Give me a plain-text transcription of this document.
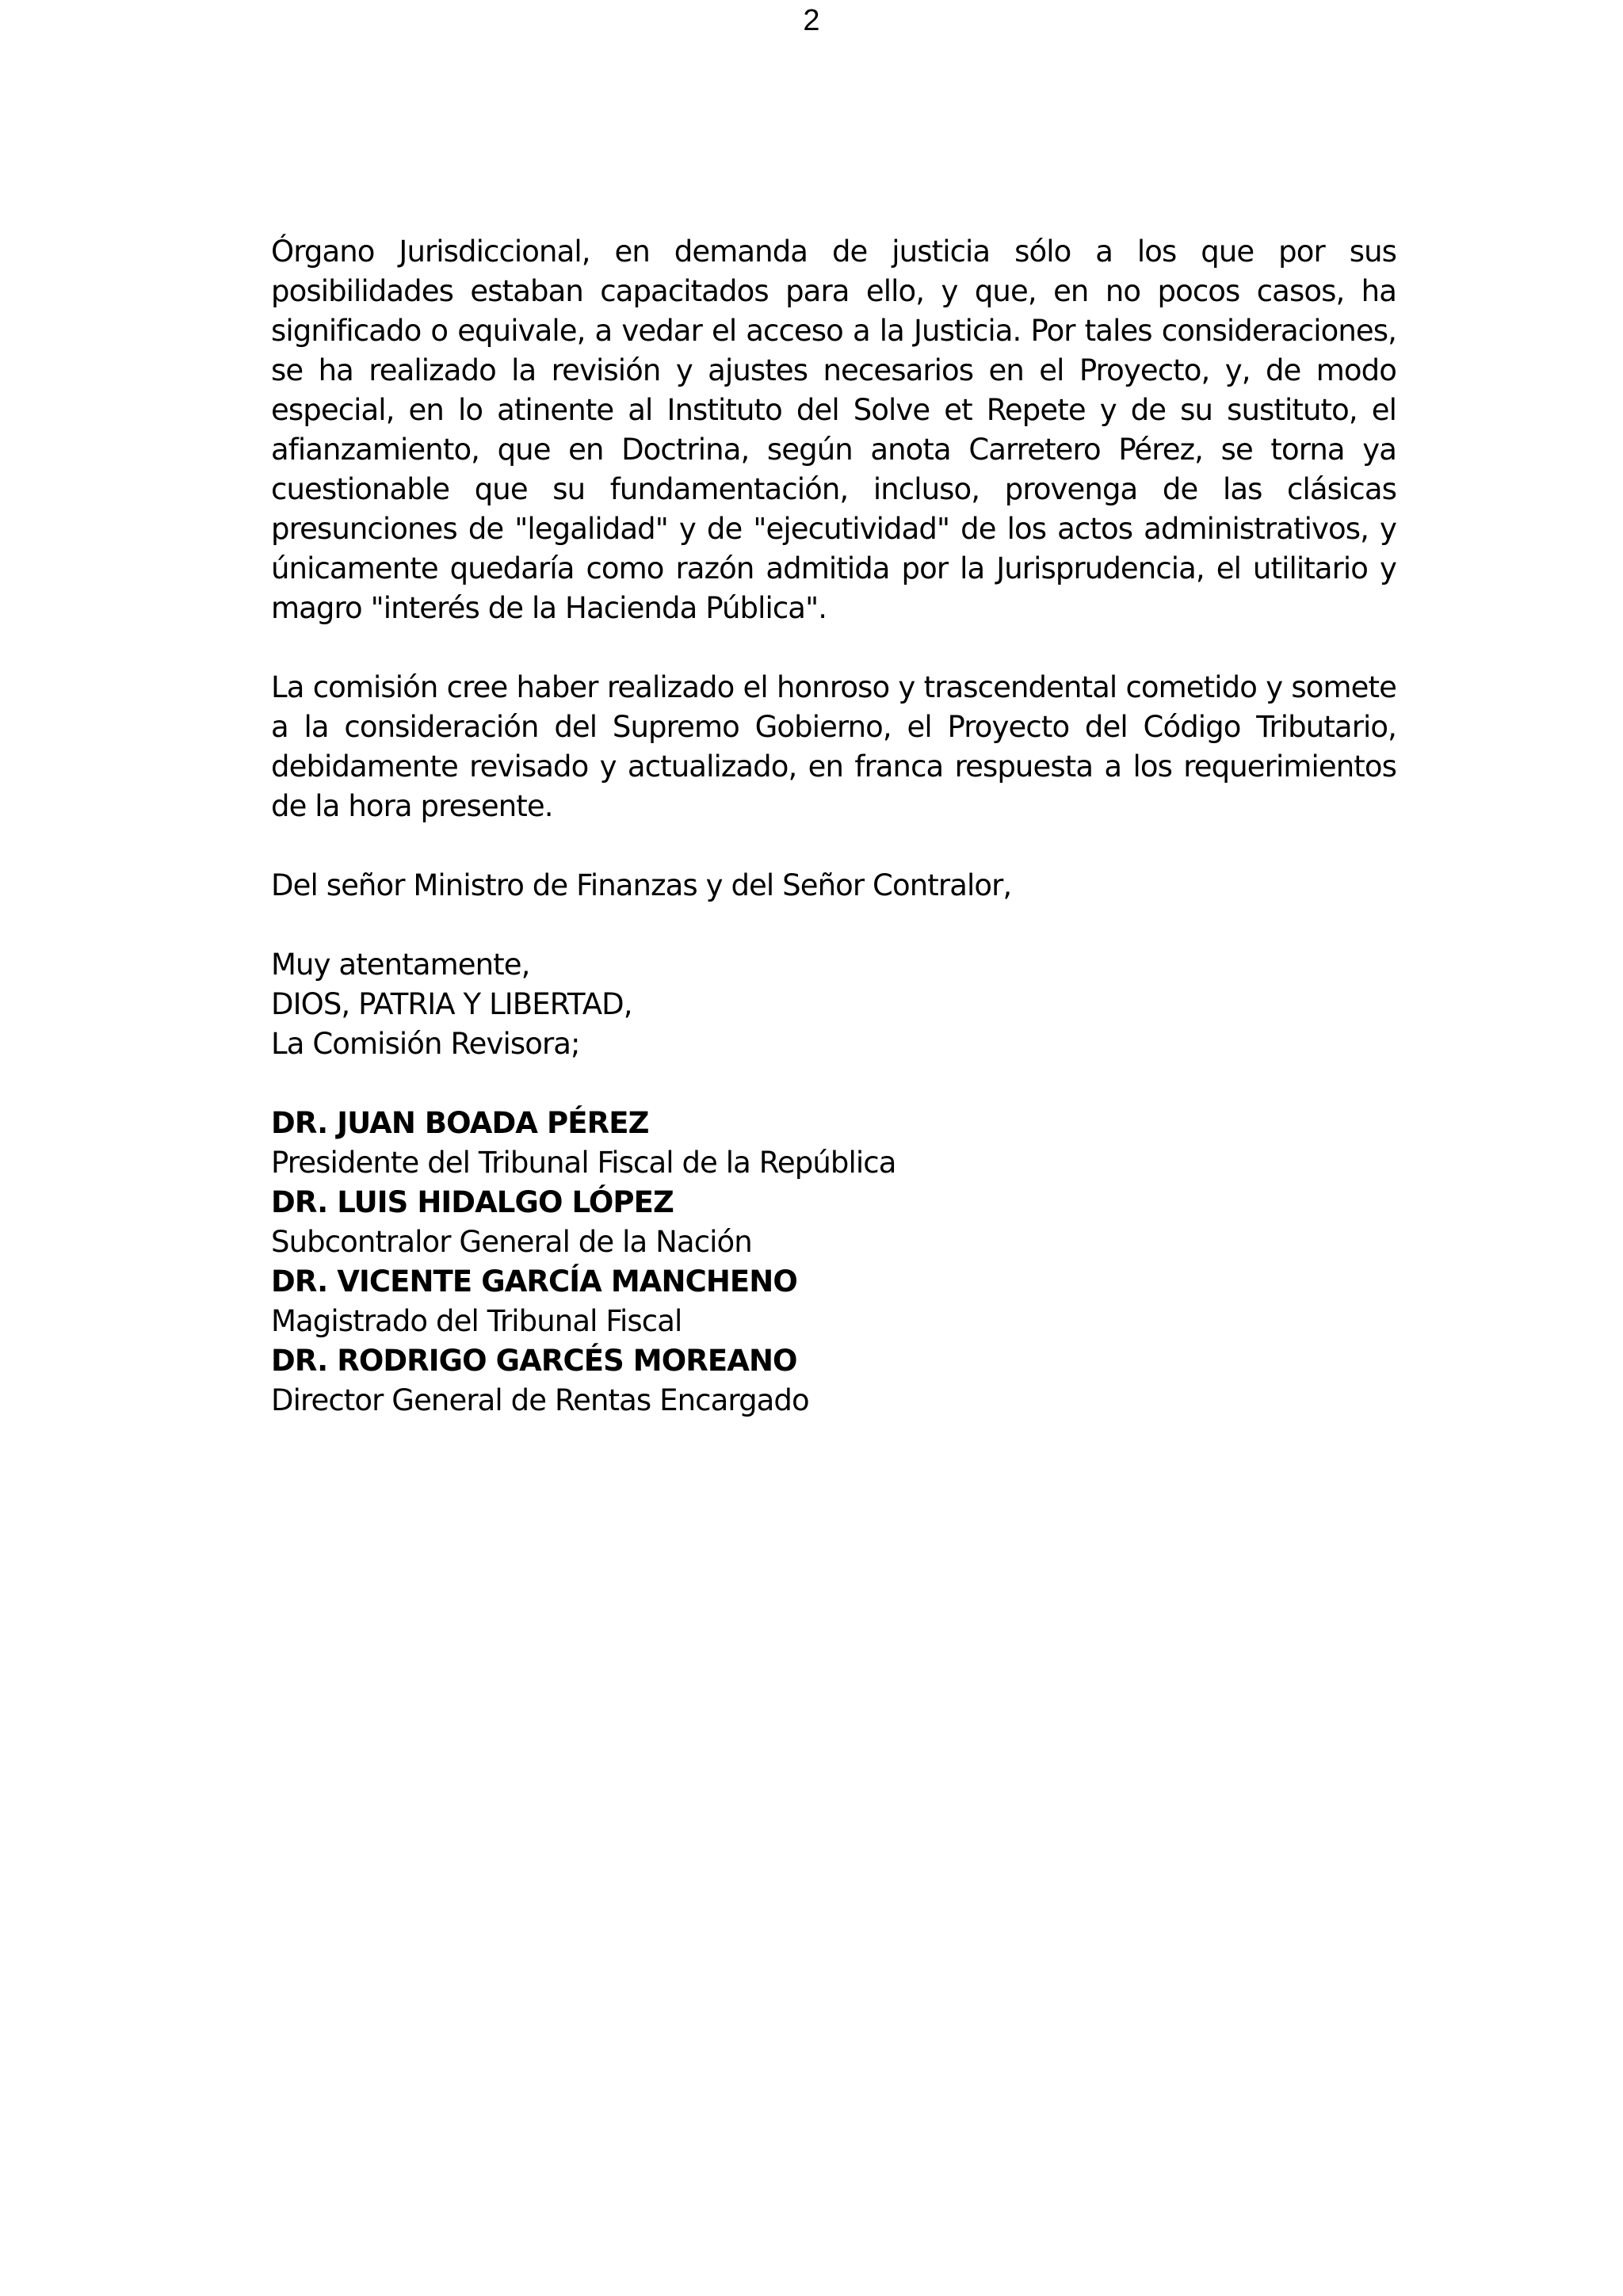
2

Órgano Jurisdiccional, en demanda de justicia sólo a los que por sus posibilidades estaban capacitados para ello, y que, en no pocos casos, ha significado o equivale, a vedar el acceso a la Justicia. Por tales consideraciones, se ha realizado la revisión y ajustes necesarios en el Proyecto, y, de modo especial, en lo atinente al Instituto del Solve et Repete y de su sustituto, el afianzamiento, que en Doctrina, según anota Carretero Pérez, se torna ya cuestionable que su fundamentación, incluso, provenga de las clásicas presunciones de "legalidad" y de "ejecutividad" de los actos administrativos, y únicamente quedaría como razón admitida por la Jurisprudencia, el utilitario y magro "interés de la Hacienda Pública".

La comisión cree haber realizado el honroso y trascendental cometido y somete a la consideración del Supremo Gobierno, el Proyecto del Código Tributario, debidamente revisado y actualizado, en franca respuesta a los requerimientos de la hora presente.

Del señor Ministro de Finanzas y del Señor Contralor,

Muy atentamente,
DIOS, PATRIA Y LIBERTAD,
La Comisión Revisora;
DR. JUAN BOADA PÉREZ
Presidente del Tribunal Fiscal de la República
DR. LUIS HIDALGO LÓPEZ
Subcontralor General de la Nación
DR. VICENTE GARCÍA MANCHENO
Magistrado del Tribunal Fiscal
DR. RODRIGO GARCÉS MOREANO
Director General de Rentas Encargado
